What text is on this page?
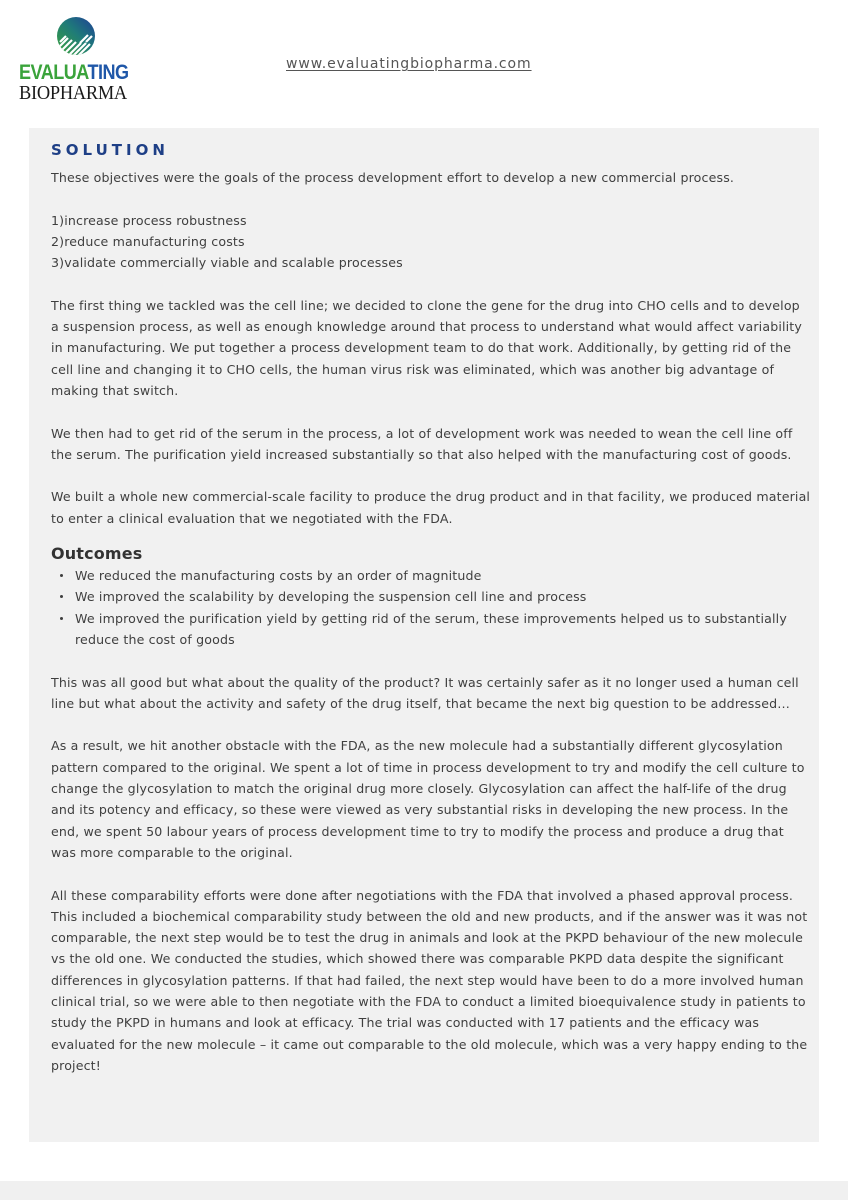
EVALUATING
BIOPHARMA
www.evaluatingbiopharma.com
SOLUTION

These objectives were the goals of the process development effort to develop a new commercial process.

1)increase process robustness
2)reduce manufacturing costs
3)validate commercially viable and scalable processes

The first thing we tackled was the cell line; we decided to clone the gene for the drug into CHO cells and to develop a suspension process, as well as enough knowledge around that process to understand what would affect variability in manufacturing. We put together a process development team to do that work. Additionally, by getting rid of the cell line and changing it to CHO cells, the human virus risk was eliminated, which was another big advantage of making that switch.

We then had to get rid of the serum in the process, a lot of development work was needed to wean the cell line off the serum. The purification yield increased substantially so that also helped with the manufacturing cost of goods.

We built a whole new commercial-scale facility to produce the drug product and in that facility, we produced material to enter a clinical evaluation that we negotiated with the FDA.

Outcomes
We reduced the manufacturing costs by an order of magnitude
We improved the scalability by developing the suspension cell line and process
We improved the purification yield by getting rid of the serum, these improvements helped us to substantially reduce the cost of goods

This was all good but what about the quality of the product? It was certainly safer as it no longer used a human cell line but what about the activity and safety of the drug itself, that became the next big question to be addressed…

As a result, we hit another obstacle with the FDA, as the new molecule had a substantially different glycosylation pattern compared to the original. We spent a lot of time in process development to try and modify the cell culture to change the glycosylation to match the original drug more closely. Glycosylation can affect the half-life of the drug and its potency and efficacy, so these were viewed as very substantial risks in developing the new process. In the end, we spent 50 labour years of process development time to try to modify the process and produce a drug that was more comparable to the original.

All these comparability efforts were done after negotiations with the FDA that involved a phased approval process. This included a biochemical comparability study between the old and new products, and if the answer was it was not comparable, the next step would be to test the drug in animals and look at the PKPD behaviour of the new molecule vs the old one. We conducted the studies, which showed there was comparable PKPD data despite the significant differences in glycosylation patterns. If that had failed, the next step would have been to do a more involved human clinical trial, so we were able to then negotiate with the FDA to conduct a limited bioequivalence study in patients to study the PKPD in humans and look at efficacy. The trial was conducted with 17 patients and the efficacy was evaluated for the new molecule – it came out comparable to the old molecule, which was a very happy ending to the project!
